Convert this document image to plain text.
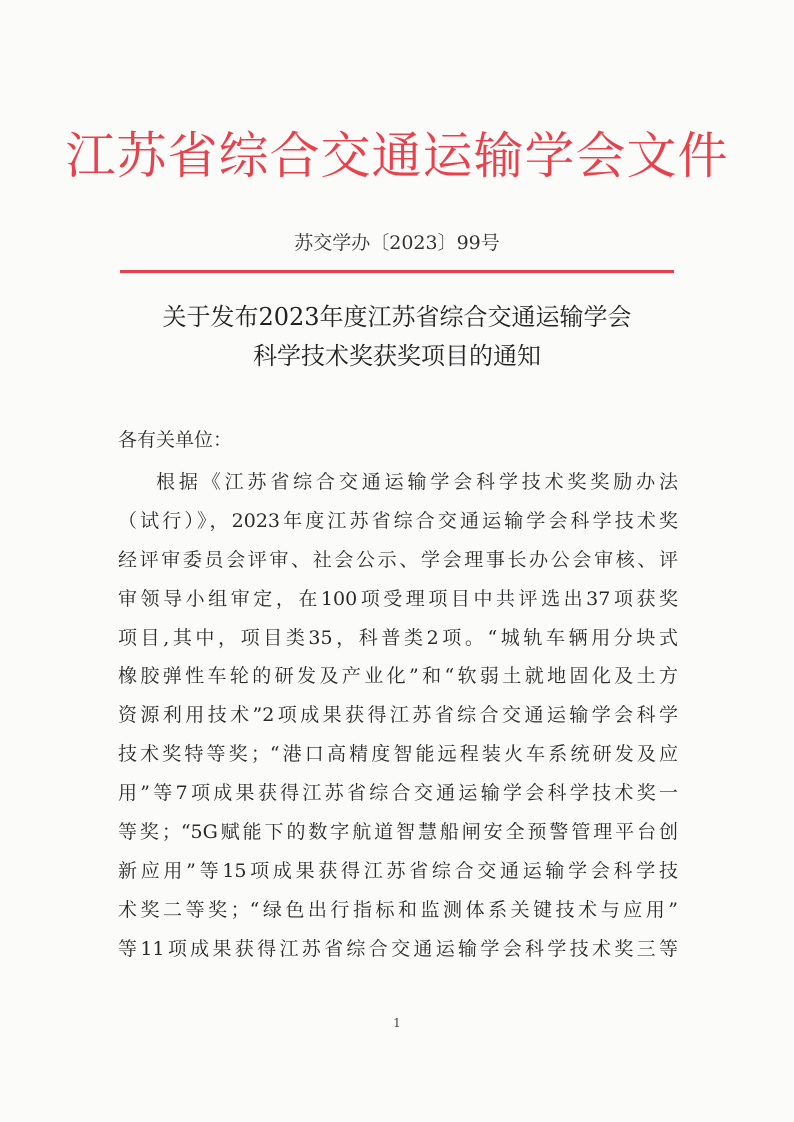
江苏省综合交通运输学会文件
苏交学办〔2023〕99号
关于发布2023年度江苏省综合交通运输学会
科学技术奖获奖项目的通知
各有关单位：
根据《江苏省综合交通运输学会科学技术奖奖励办法
（试行）》，2023年度江苏省综合交通运输学会科学技术奖
经评审委员会评审、社会公示、学会理事长办公会审核、评
审领导小组审定，在100项受理项目中共评选出37项获奖
项目,其中，项目类35，科普类2项。“城轨车辆用分块式
橡胶弹性车轮的研发及产业化”和“软弱土就地固化及土方
资源利用技术”2项成果获得江苏省综合交通运输学会科学
技术奖特等奖；“港口高精度智能远程装火车系统研发及应
用”等7项成果获得江苏省综合交通运输学会科学技术奖一
等奖；“5G赋能下的数字航道智慧船闸安全预警管理平台创
新应用”等15项成果获得江苏省综合交通运输学会科学技
术奖二等奖；“绿色出行指标和监测体系关键技术与应用”
等11项成果获得江苏省综合交通运输学会科学技术奖三等
1
